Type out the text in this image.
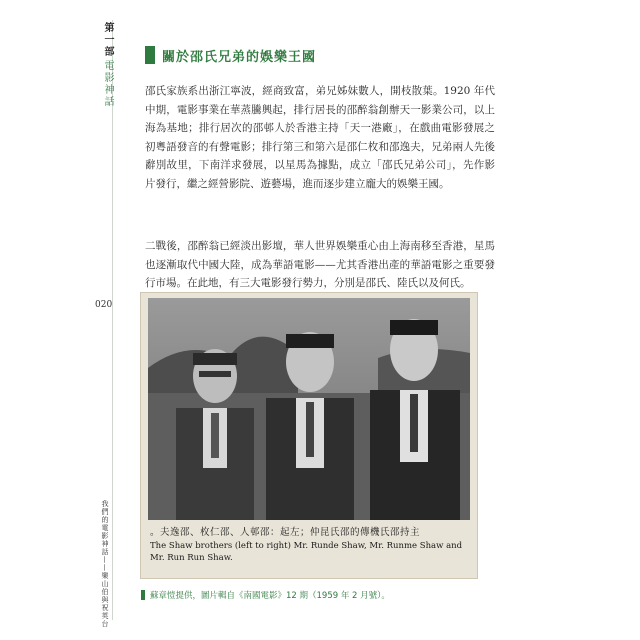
第一部
電影神話
020
我們的電影神話——樂山伯與祝英台
關於邵氏兄弟的娛樂王國

邵氏家族系出浙江寧波，經商致富，弟兄姊妹數人，開枝散葉。1920 年代中期，電影事業在華蒸騰興起，排行居長的邵醉翁創辦天一影業公司，以上海為基地；排行居次的邵邨人於香港主持「天一港廠」，在戲曲電影發展之初粵語發音的有聲電影；排行第三和第六是邵仁枚和邵逸夫，兄弟兩人先後辭別故里，下南洋求發展，以星馬為據點，成立「邵氏兄弟公司」，先作影片發行，繼之經營影院、遊藝場，進而逐步建立龐大的娛樂王國。

二戰後，邵醉翁已經淡出影壇，華人世界娛樂重心由上海南移至香港，星馬也逐漸取代中國大陸，成為華語電影——尤其香港出產的華語電影之重要發行市場。在此地，有三大電影發行勢力，分別是邵氏、陸氏以及何氏。

。夫逸邵、枚仁邵、人邨邵：起左；仲昆氏邵的傳機氏邵持主
The Shaw brothers (left to right) Mr. Runde Shaw, Mr. Runme Shaw and Mr. Run Run Shaw.
蘇章愷提供，圖片輯自《南國電影》12 期（1959 年 2 月號）。
